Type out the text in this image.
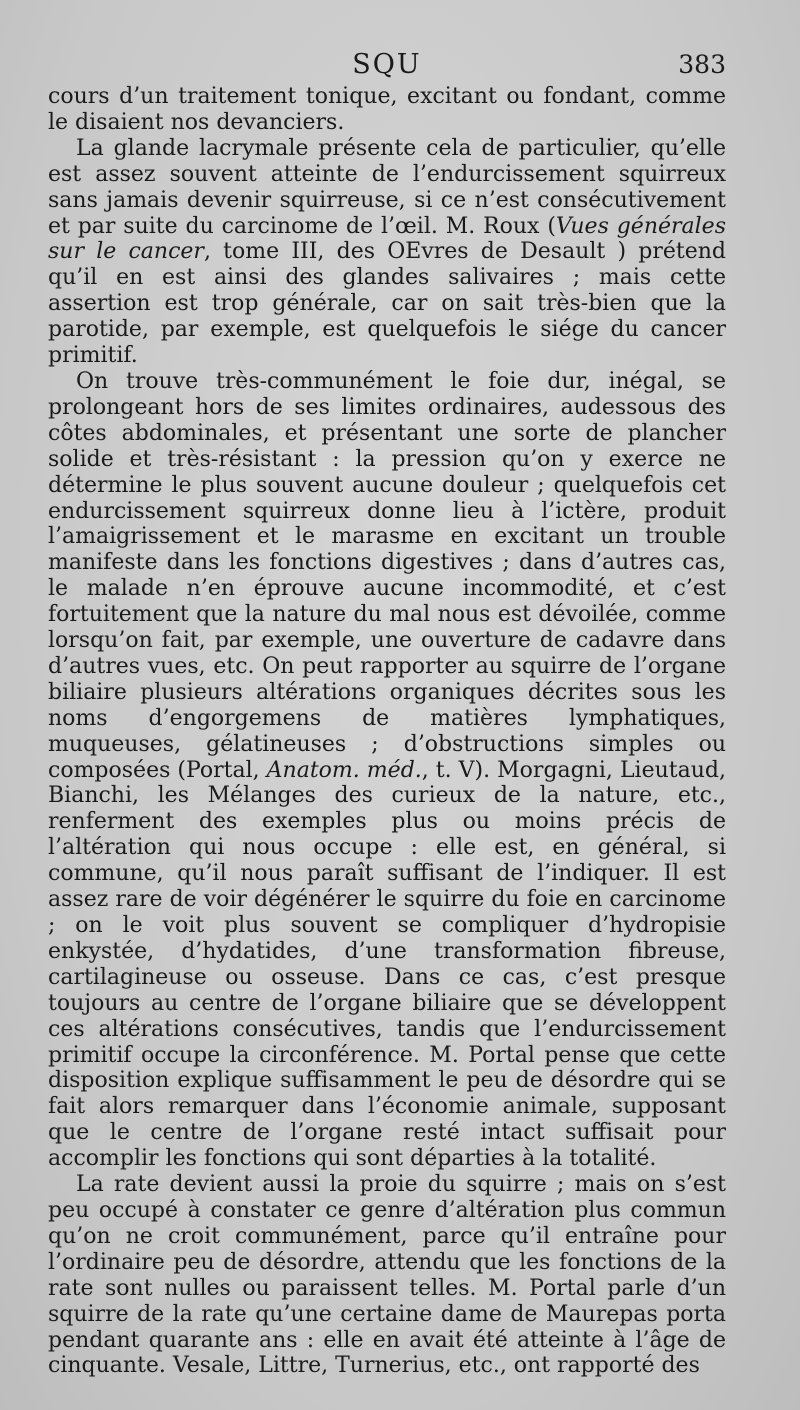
SQU	383

cours d’un traitement tonique, excitant ou fondant, comme le disaient nos devanciers.

La glande lacrymale présente cela de particulier, qu’elle est assez souvent atteinte de l’endurcissement squirreux sans jamais devenir squirreuse, si ce n’est consécutivement et par suite du carcinome de l’œil. M. Roux (Vues générales sur le cancer, tome III, des OEvres de Desault ) prétend qu’il en est ainsi des glandes salivaires ; mais cette assertion est trop générale, car on sait très-bien que la parotide, par exemple, est quelquefois le siége du cancer primitif.

On trouve très-communément le foie dur, inégal, se prolongeant hors de ses limites ordinaires, audessous des côtes abdominales, et présentant une sorte de plancher solide et très-résistant : la pression qu’on y exerce ne détermine le plus souvent aucune douleur ; quelquefois cet endurcissement squirreux donne lieu à l’ictère, produit l’amaigrissement et le marasme en excitant un trouble manifeste dans les fonctions digestives ; dans d’autres cas, le malade n’en éprouve aucune incommodité, et c’est fortuitement que la nature du mal nous est dévoilée, comme lorsqu’on fait, par exemple, une ouverture de cadavre dans d’autres vues, etc. On peut rapporter au squirre de l’organe biliaire plusieurs altérations organiques décrites sous les noms d’engorgemens de matières lymphatiques, muqueuses, gélatineuses ; d’obstructions simples ou composées (Portal, Anatom. méd., t. V). Morgagni, Lieutaud, Bianchi, les Mélanges des curieux de la nature, etc., renferment des exemples plus ou moins précis de l’altération qui nous occupe : elle est, en général, si commune, qu’il nous paraît suffisant de l’indiquer. Il est assez rare de voir dégénérer le squirre du foie en carcinome ; on le voit plus souvent se compliquer d’hydropisie enkystée, d’hydatides, d’une transformation fibreuse, cartilagineuse ou osseuse. Dans ce cas, c’est presque toujours au centre de l’organe biliaire que se développent ces altérations consécutives, tandis que l’endurcissement primitif occupe la circonférence. M. Portal pense que cette disposition explique suffisamment le peu de désordre qui se fait alors remarquer dans l’économie animale, supposant que le centre de l’organe resté intact suffisait pour accomplir les fonctions qui sont départies à la totalité.

La rate devient aussi la proie du squirre ; mais on s’est peu occupé à constater ce genre d’altération plus commun qu’on ne croit communément, parce qu’il entraîne pour l’ordinaire peu de désordre, attendu que les fonctions de la rate sont nulles ou paraissent telles. M. Portal parle d’un squirre de la rate qu’une certaine dame de Maurepas porta pendant quarante ans : elle en avait été atteinte à l’âge de cinquante. Vesale, Littre, Turnerius, etc., ont rapporté des
